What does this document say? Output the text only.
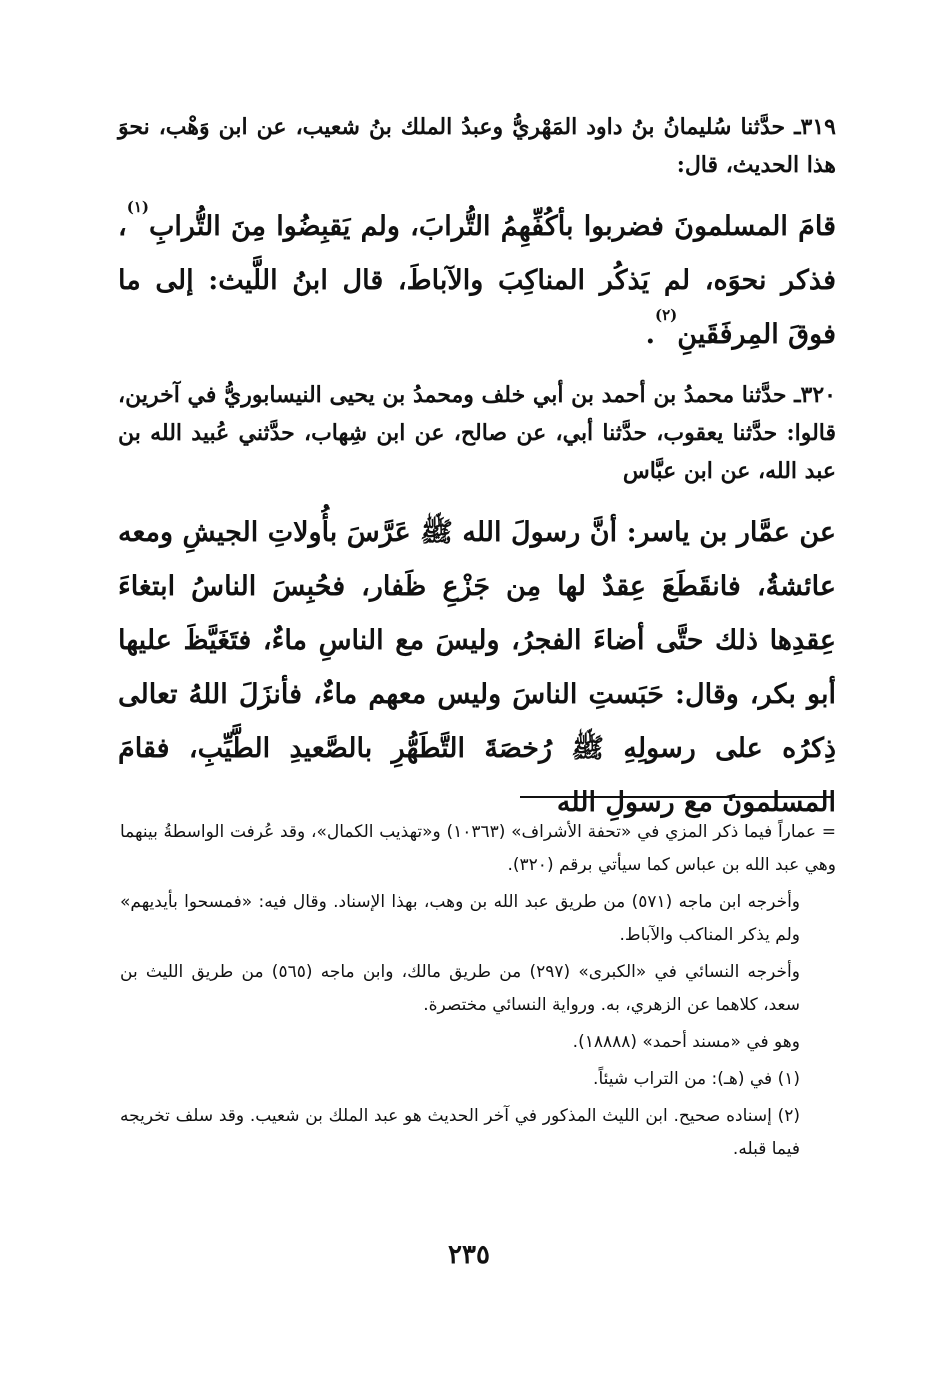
٣١٩ـ حدَّثنا سُليمانُ بنُ داود المَهْريُّ وعبدُ الملك بنُ شعيب، عن ابن وَهْب، نحوَ هذا الحديث، قال:

قامَ المسلمونَ فضربوا بأكُفِّهِمُ التُّرابَ، ولم يَقبِضُوا مِنَ التُّرابِ$^{(١)}$، فذكر نحوَه، لم يَذكُر المناكِبَ والآباطَ، قال ابنُ اللَّيث: إلى ما فوقَ المِرفَقَينِ$^{(٢)}$.

٣٢٠ـ حدَّثنا محمدُ بن أحمد بن أبي خلف ومحمدُ بن يحيى النيسابوريُّ في آخرين، قالوا: حدَّثنا يعقوب، حدَّثنا أبي، عن صالح، عن ابن شِهاب، حدَّثني عُبيد الله بن عبد الله، عن ابن عبَّاس

عن عمَّار بن ياسر: أنَّ رسولَ الله ﷺ عَرَّسَ بأُولاتِ الجيشِ ومعه عائشةُ، فانقَطَعَ عِقدٌ لها مِن جَزْعِ ظَفار، فحُبِسَ الناسُ ابتغاءَ عِقدِها ذلك حتَّى أضاءَ الفجرُ، وليسَ مع الناسِ ماءٌ، فتَغَيَّظَ عليها أبو بكر، وقال: حَبَستِ الناسَ وليس معهم ماءٌ، فأنزَلَ اللهُ تعالى ذِكرُه على رسولِهِ ﷺ رُخصَةَ التَّطَهُّرِ بالصَّعيدِ الطَّيِّبِ، فقامَ المسلمونَ مع رسولِ الله

= عماراً فيما ذكر المزي في «تحفة الأشراف» (١٠٣٦٣) و«تهذيب الكمال»، وقد عُرفت الواسطةُ بينهما وهي عبد الله بن عباس كما سيأتي برقم (٣٢٠).

وأخرجه ابن ماجه (٥٧١) من طريق عبد الله بن وهب، بهذا الإسناد. وقال فيه: «فمسحوا بأيديهم» ولم يذكر المناكب والآباط.

وأخرجه النسائي في «الكبرى» (٢٩٧) من طريق مالك، وابن ماجه (٥٦٥) من طريق الليث بن سعد، كلاهما عن الزهري، به. ورواية النسائي مختصرة.

وهو في «مسند أحمد» (١٨٨٨٨).

(١) في (هـ): من التراب شيئاً.

(٢) إسناده صحيح. ابن الليث المذكور في آخر الحديث هو عبد الملك بن شعيب. وقد سلف تخريجه فيما قبله.

٢٣٥
